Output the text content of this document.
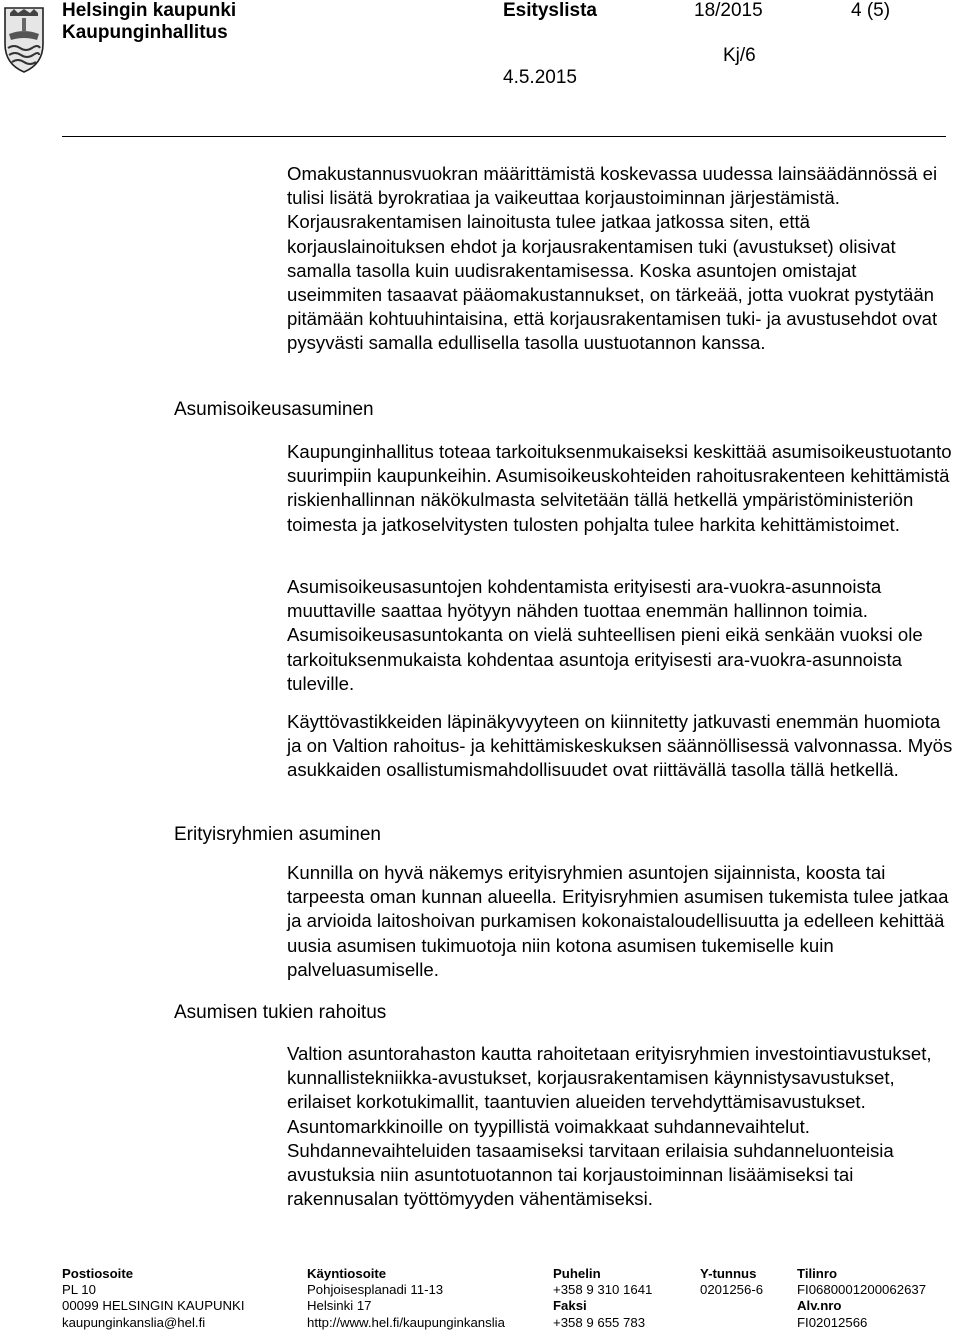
Helsingin kaupunki
Kaupunginhallitus
Esityslista	18/2015	4 (5)
Kj/6
4.5.2015

Omakustannusvuokran määrittämistä koskevassa uudessa lainsäädännössä ei tulisi lisätä byrokratiaa ja vaikeuttaa korjaustoiminnan järjestämistä. Korjausrakentamisen lainoitusta tulee jatkaa jatkossa siten, että korjauslainoituksen ehdot ja korjausrakentamisen tuki (avustukset) olisivat samalla tasolla kuin uudisrakentamisessa. Koska asuntojen omistajat useimmiten tasaavat pääomakustannukset, on tärkeää, jotta vuokrat pystytään pitämään kohtuuhintaisina, että korjausrakentamisen tuki- ja avustusehdot ovat pysyvästi samalla edullisella tasolla uustuotannon kanssa.

Asumisoikeusasuminen

Kaupunginhallitus toteaa tarkoituksenmukaiseksi keskittää asumisoikeustuotanto suurimpiin kaupunkeihin. Asumisoikeuskohteiden rahoitusrakenteen kehittämistä riskienhallinnan näkökulmasta selvitetään tällä hetkellä ympäristöministeriön toimesta ja jatkoselvitysten tulosten pohjalta tulee harkita kehittämistoimet.

Asumisoikeusasuntojen kohdentamista erityisesti ara-vuokra-asunnoista muuttaville saattaa hyötyyn nähden tuottaa enemmän hallinnon toimia. Asumisoikeusasuntokanta on vielä suhteellisen pieni eikä senkään vuoksi ole tarkoituksenmukaista kohdentaa asuntoja erityisesti ara-vuokra-asunnoista tuleville.

Käyttövastikkeiden läpinäkyvyyteen on kiinnitetty jatkuvasti enemmän huomiota ja on Valtion rahoitus- ja kehittämiskeskuksen säännöllisessä valvonnassa. Myös asukkaiden osallistumismahdollisuudet ovat riittävällä tasolla tällä hetkellä.

Erityisryhmien asuminen

Kunnilla on hyvä näkemys erityisryhmien asuntojen sijainnista, koosta tai tarpeesta oman kunnan alueella. Erityisryhmien asumisen tukemista tulee jatkaa ja arvioida laitoshoivan purkamisen kokonaistaloudellisuutta ja edelleen kehittää uusia asumisen tukimuotoja niin kotona asumisen tukemiselle kuin palveluasumiselle.

Asumisen tukien rahoitus

Valtion asuntorahaston kautta rahoitetaan erityisryhmien investointiavustukset, kunnallistekniikka-avustukset, korjausrakentamisen käynnistysavustukset, erilaiset korkotukimallit, taantuvien alueiden tervehdyttämisavustukset. Asuntomarkkinoille on tyypillistä voimakkaat suhdannevaihtelut. Suhdannevaihteluiden tasaamiseksi tarvitaan erilaisia suhdanneluonteisia avustuksia niin asuntotuotannon tai korjaustoiminnan lisäämiseksi tai rakennusalan työttömyyden vähentämiseksi.

Postiosoite
PL 10
00099 HELSINGIN KAUPUNKI
kaupunginkanslia@hel.fi
Käyntiosoite
Pohjoisesplanadi 11-13
Helsinki 17
http://www.hel.fi/kaupunginkanslia
Puhelin
+358 9 310 1641
Faksi
+358 9 655 783
Y-tunnus
0201256-6
Tilinro
FI0680001200062637
Alv.nro
FI02012566
